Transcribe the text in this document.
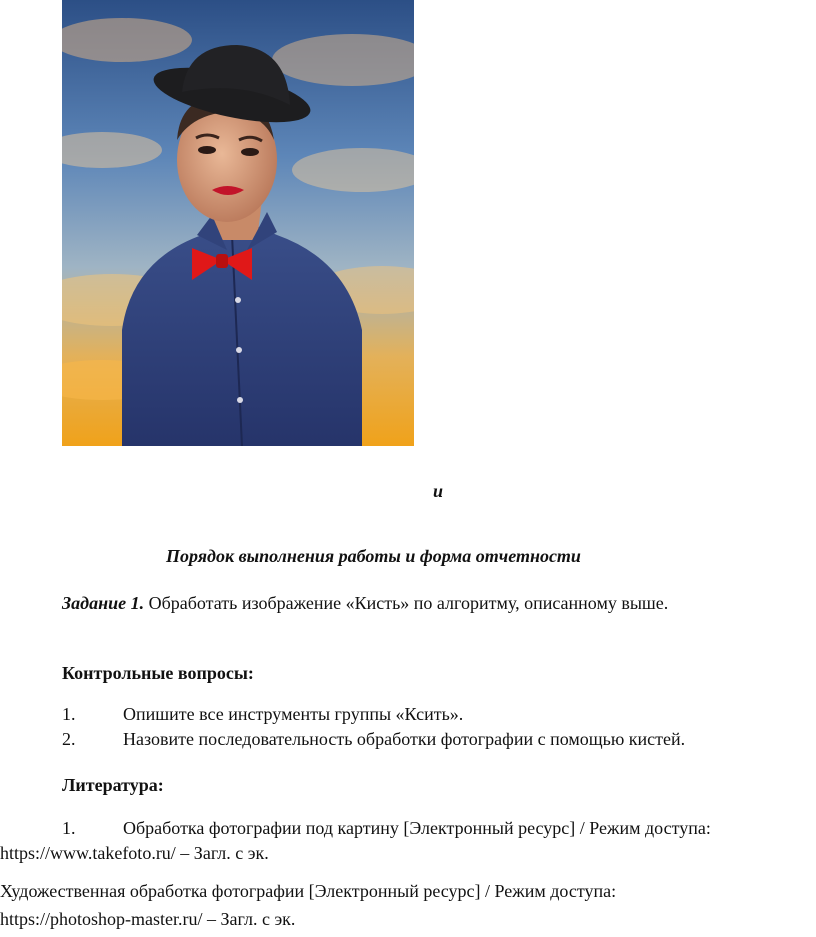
и
Порядок выполнения работы и форма отчетности
Задание 1. Обработать изображение «Кисть» по алгоритму, описанному выше.
Контрольные вопросы:
1.	Опишите все инструменты группы «Ксить».
2.	Назовите последовательность обработки фотографии с помощью кистей.
Литература:
1.	Обработка фотографии под картину [Электронный ресурс] / Режим доступа:
https://www.takefoto.ru/ – Загл. с эк.
Художественная обработка фотографии [Электронный ресурс] / Режим доступа:
https://photoshop-master.ru/ – Загл. с эк.
